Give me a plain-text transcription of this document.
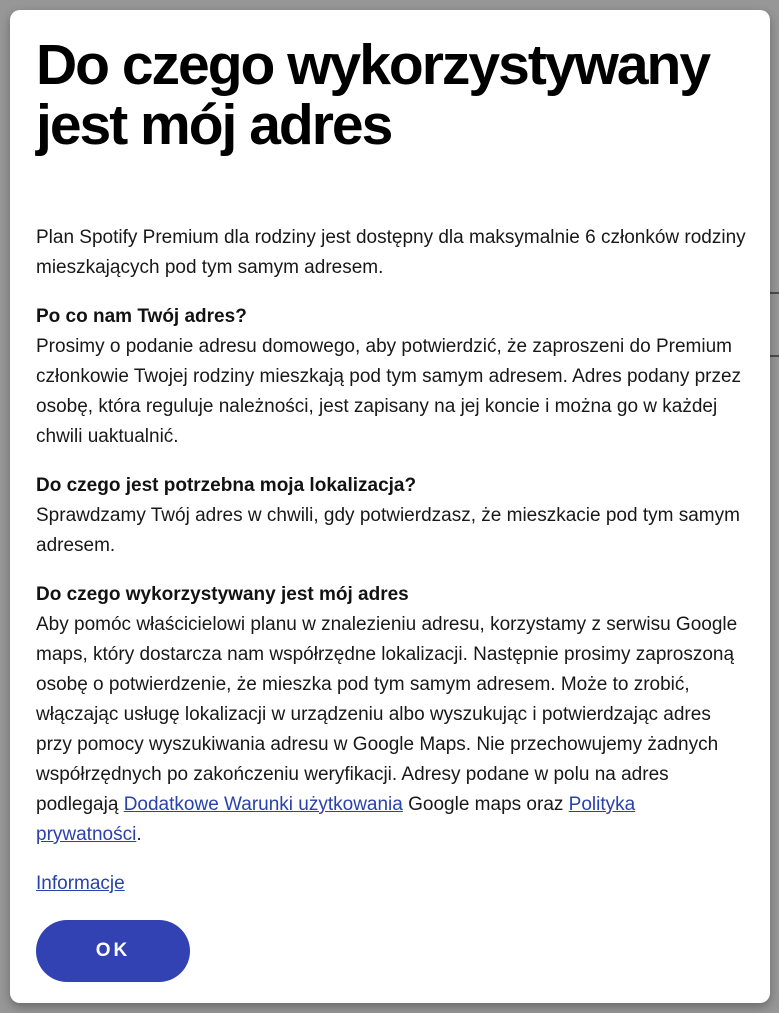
Do czego wykorzystywany jest mój adres

Plan Spotify Premium dla rodziny jest dostępny dla maksymalnie 6 członków rodziny mieszkających pod tym samym adresem.

Po co nam Twój adres?
Prosimy o podanie adresu domowego, aby potwierdzić, że zaproszeni do Premium członkowie Twojej rodziny mieszkają pod tym samym adresem. Adres podany przez osobę, która reguluje należności, jest zapisany na jej koncie i można go w każdej chwili uaktualnić.

Do czego jest potrzebna moja lokalizacja?
Sprawdzamy Twój adres w chwili, gdy potwierdzasz, że mieszkacie pod tym samym adresem.

Do czego wykorzystywany jest mój adres
Aby pomóc właścicielowi planu w znalezieniu adresu, korzystamy z serwisu Google maps, który dostarcza nam współrzędne lokalizacji. Następnie prosimy zaproszoną osobę o potwierdzenie, że mieszka pod tym samym adresem. Może to zrobić, włączając usługę lokalizacji w urządzeniu albo wyszukując i potwierdzając adres przy pomocy wyszukiwania adresu w Google Maps. Nie przechowujemy żadnych współrzędnych po zakończeniu weryfikacji. Adresy podane w polu na adres podlegają Dodatkowe Warunki użytkowania Google maps oraz Polityka prywatności.

Informacje
OK
